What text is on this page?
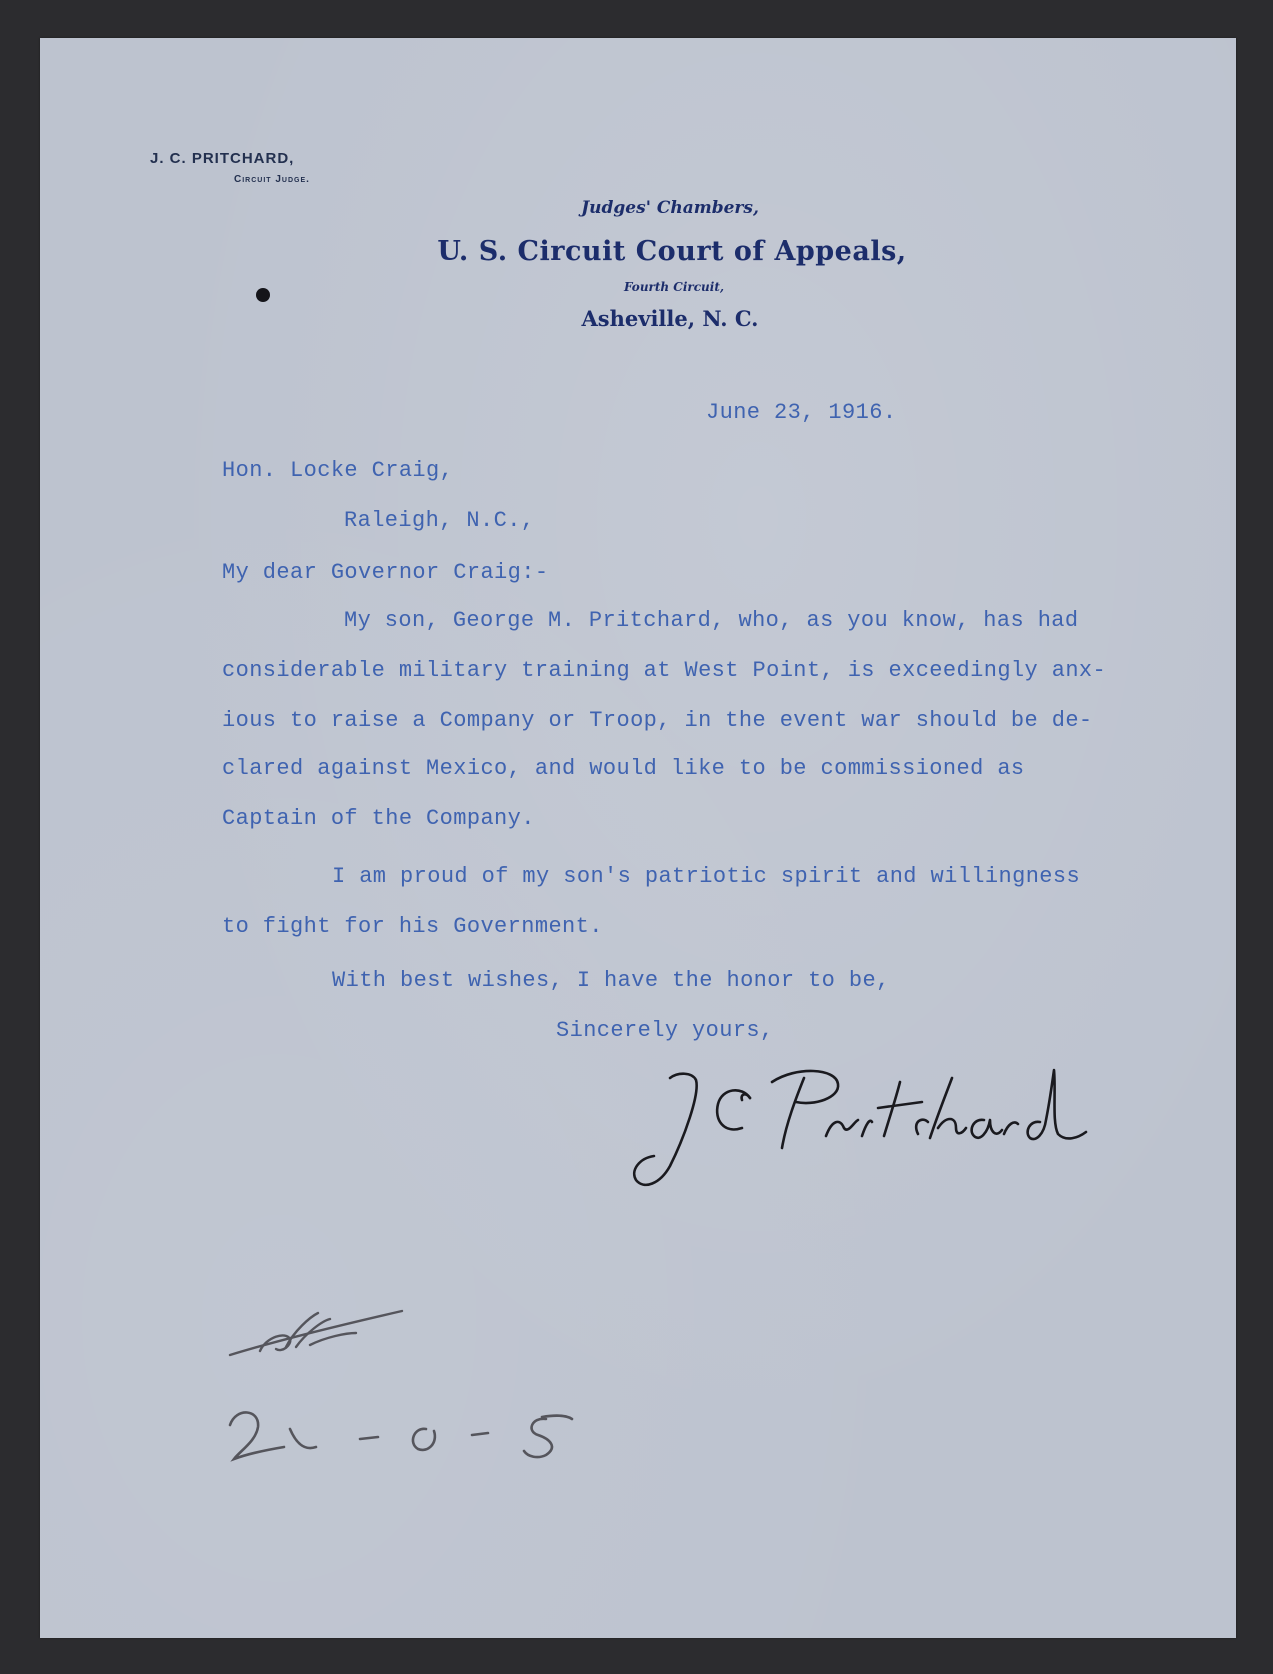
J. C. PRITCHARD,
Circuit Judge.
Judges' Chambers,
U. S. Circuit Court of Appeals,
Fourth Circuit,
Asheville, N. C.
June 23, 1916.
Hon. Locke Craig,
Raleigh, N.C.,
My dear Governor Craig:-
My son, George M. Pritchard, who, as you know, has had
considerable military training at West Point, is exceedingly anx-
ious to raise a Company or Troop, in the event war should be de-
clared against Mexico, and would like to be commissioned as
Captain of the Company.
I am proud of my son's patriotic spirit and willingness
to fight for his Government.
With best wishes, I have the honor to be,
Sincerely yours,
